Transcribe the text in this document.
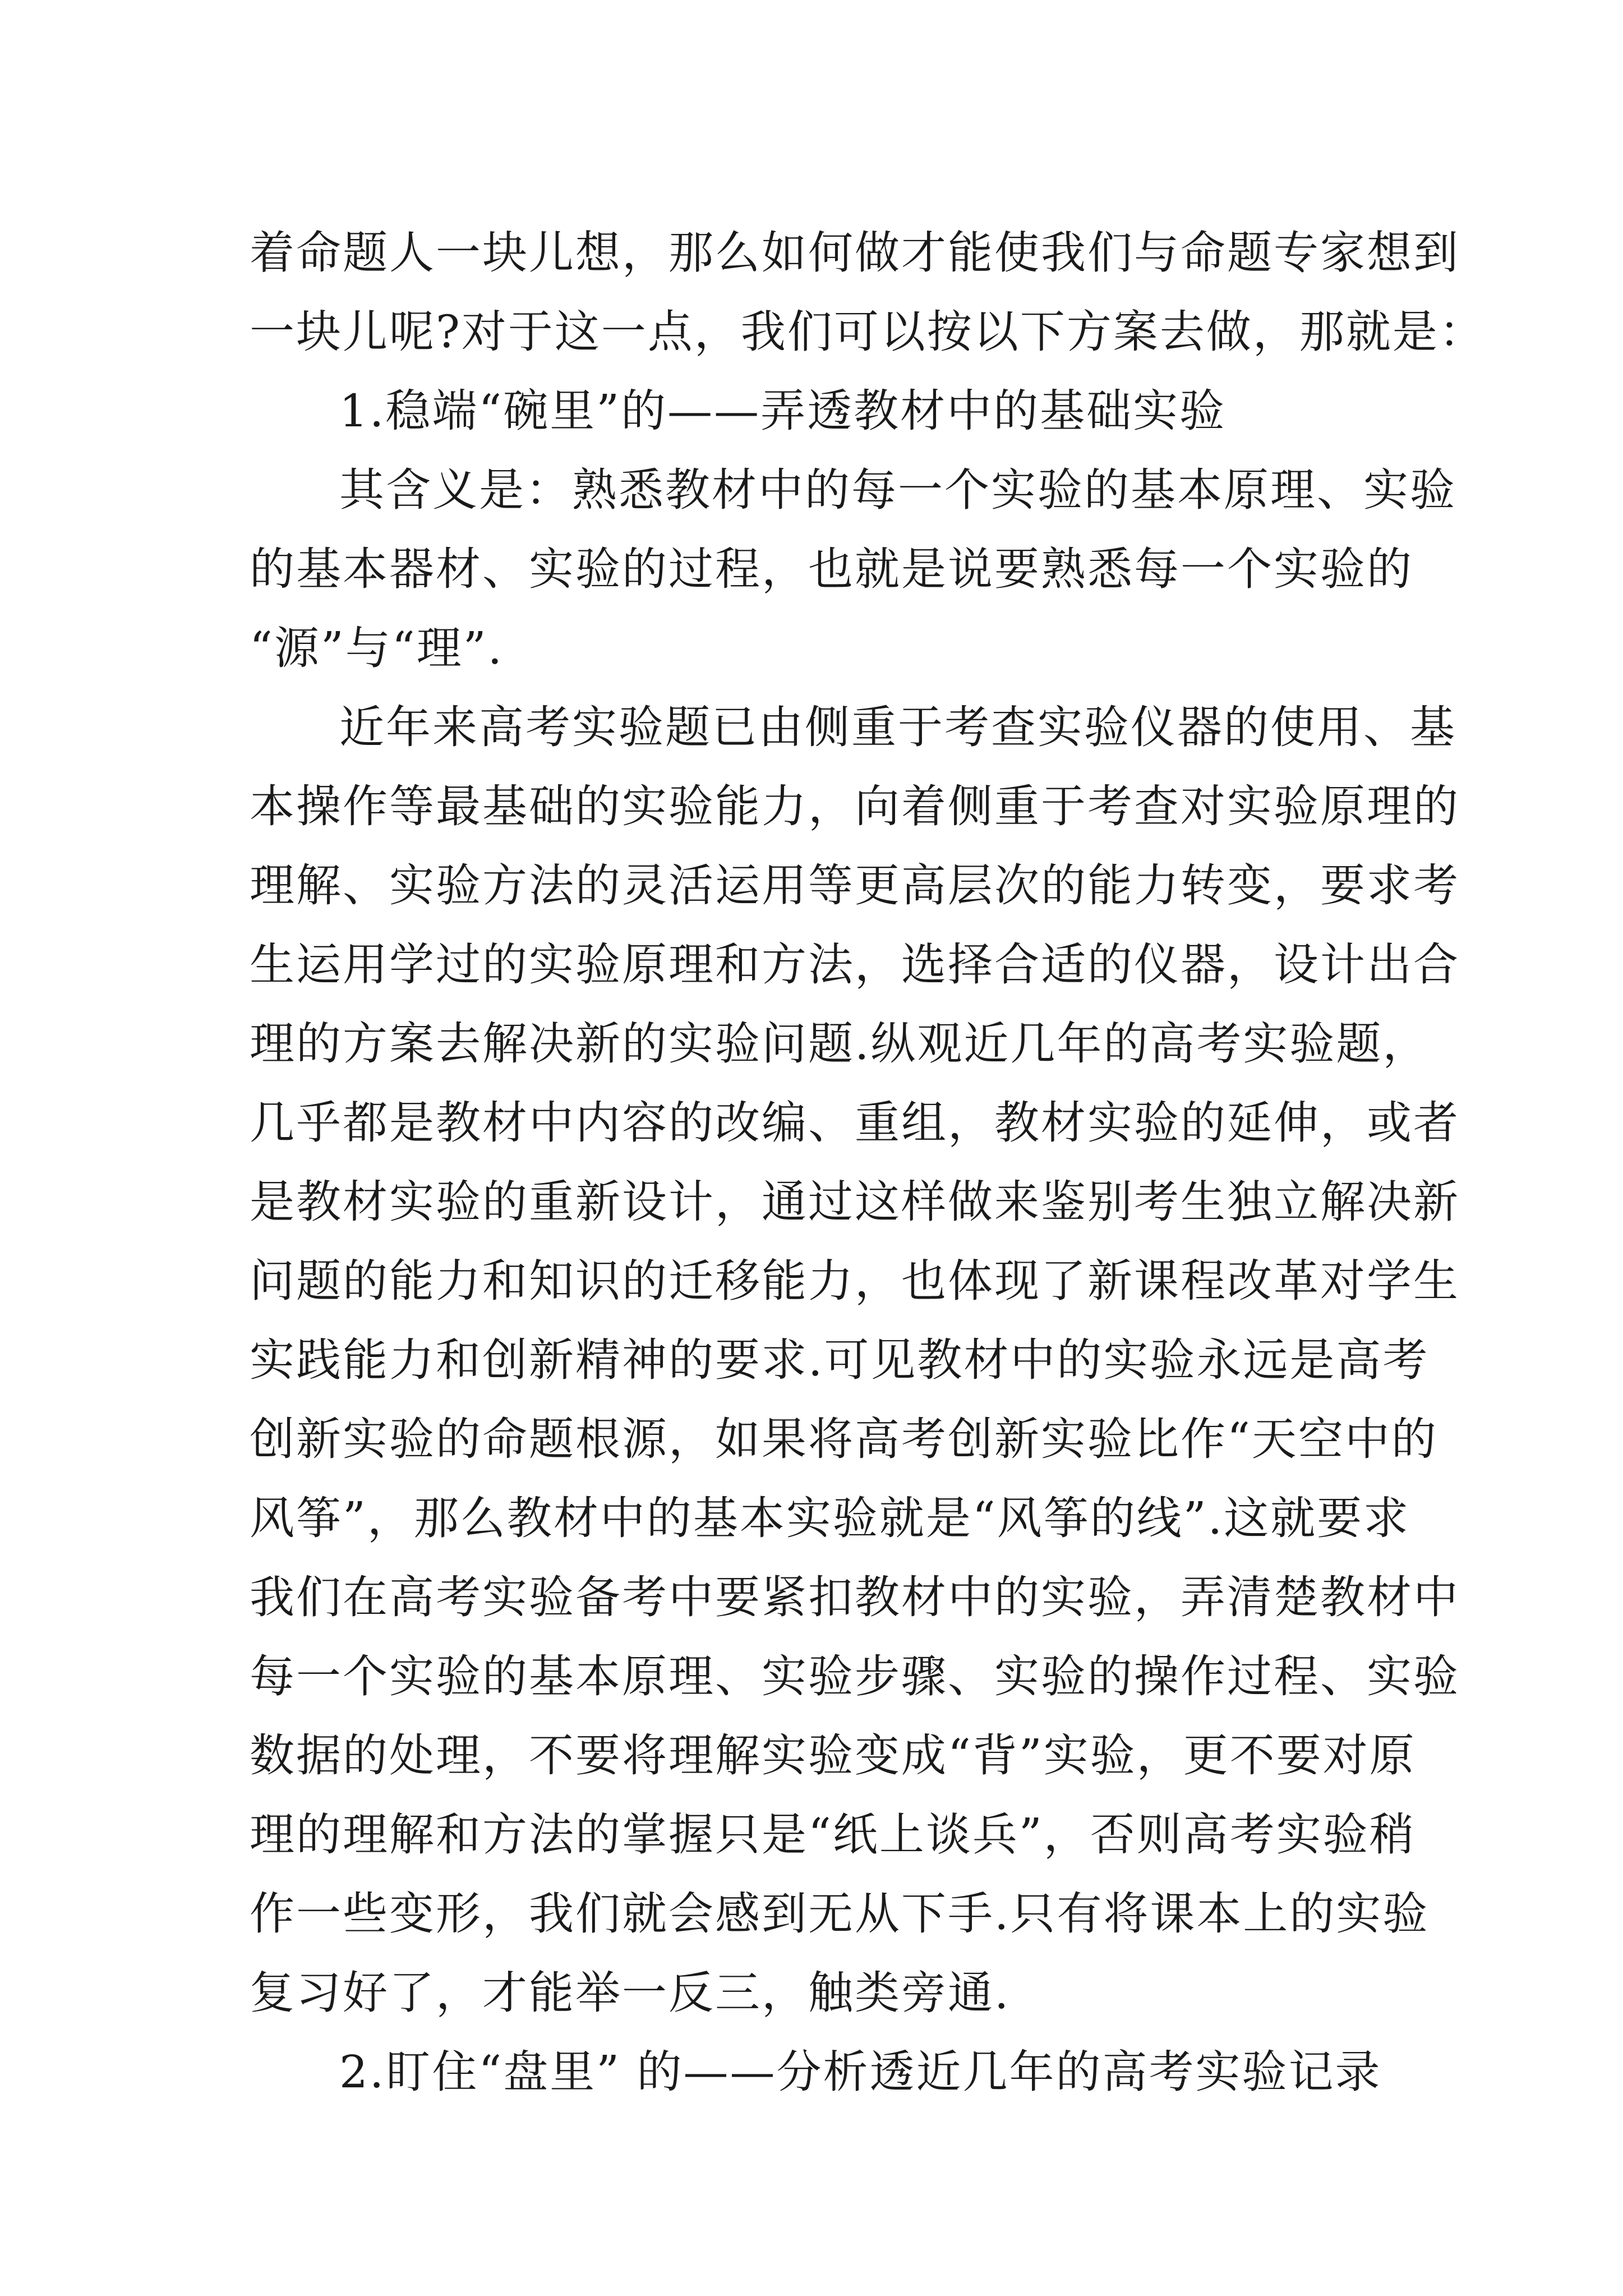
着命题人一块儿想，那么如何做才能使我们与命题专家想到
一块儿呢?对于这一点，我们可以按以下方案去做，那就是：
1.稳端“碗里”的——弄透教材中的基础实验
其含义是：熟悉教材中的每一个实验的基本原理、实验
的基本器材、实验的过程，也就是说要熟悉每一个实验的
“源”与“理”.
近年来高考实验题已由侧重于考查实验仪器的使用、基
本操作等最基础的实验能力，向着侧重于考查对实验原理的
理解、实验方法的灵活运用等更高层次的能力转变，要求考
生运用学过的实验原理和方法，选择合适的仪器，设计出合
理的方案去解决新的实验问题.纵观近几年的高考实验题，
几乎都是教材中内容的改编、重组，教材实验的延伸，或者
是教材实验的重新设计，通过这样做来鉴别考生独立解决新
问题的能力和知识的迁移能力，也体现了新课程改革对学生
实践能力和创新精神的要求.可见教材中的实验永远是高考
创新实验的命题根源，如果将高考创新实验比作“天空中的
风筝”，那么教材中的基本实验就是“风筝的线”.这就要求
我们在高考实验备考中要紧扣教材中的实验，弄清楚教材中
每一个实验的基本原理、实验步骤、实验的操作过程、实验
数据的处理，不要将理解实验变成“背”实验，更不要对原
理的理解和方法的掌握只是“纸上谈兵”，否则高考实验稍
作一些变形，我们就会感到无从下手.只有将课本上的实验
复习好了，才能举一反三，触类旁通.
2.盯住“盘里” 的——分析透近几年的高考实验记录
